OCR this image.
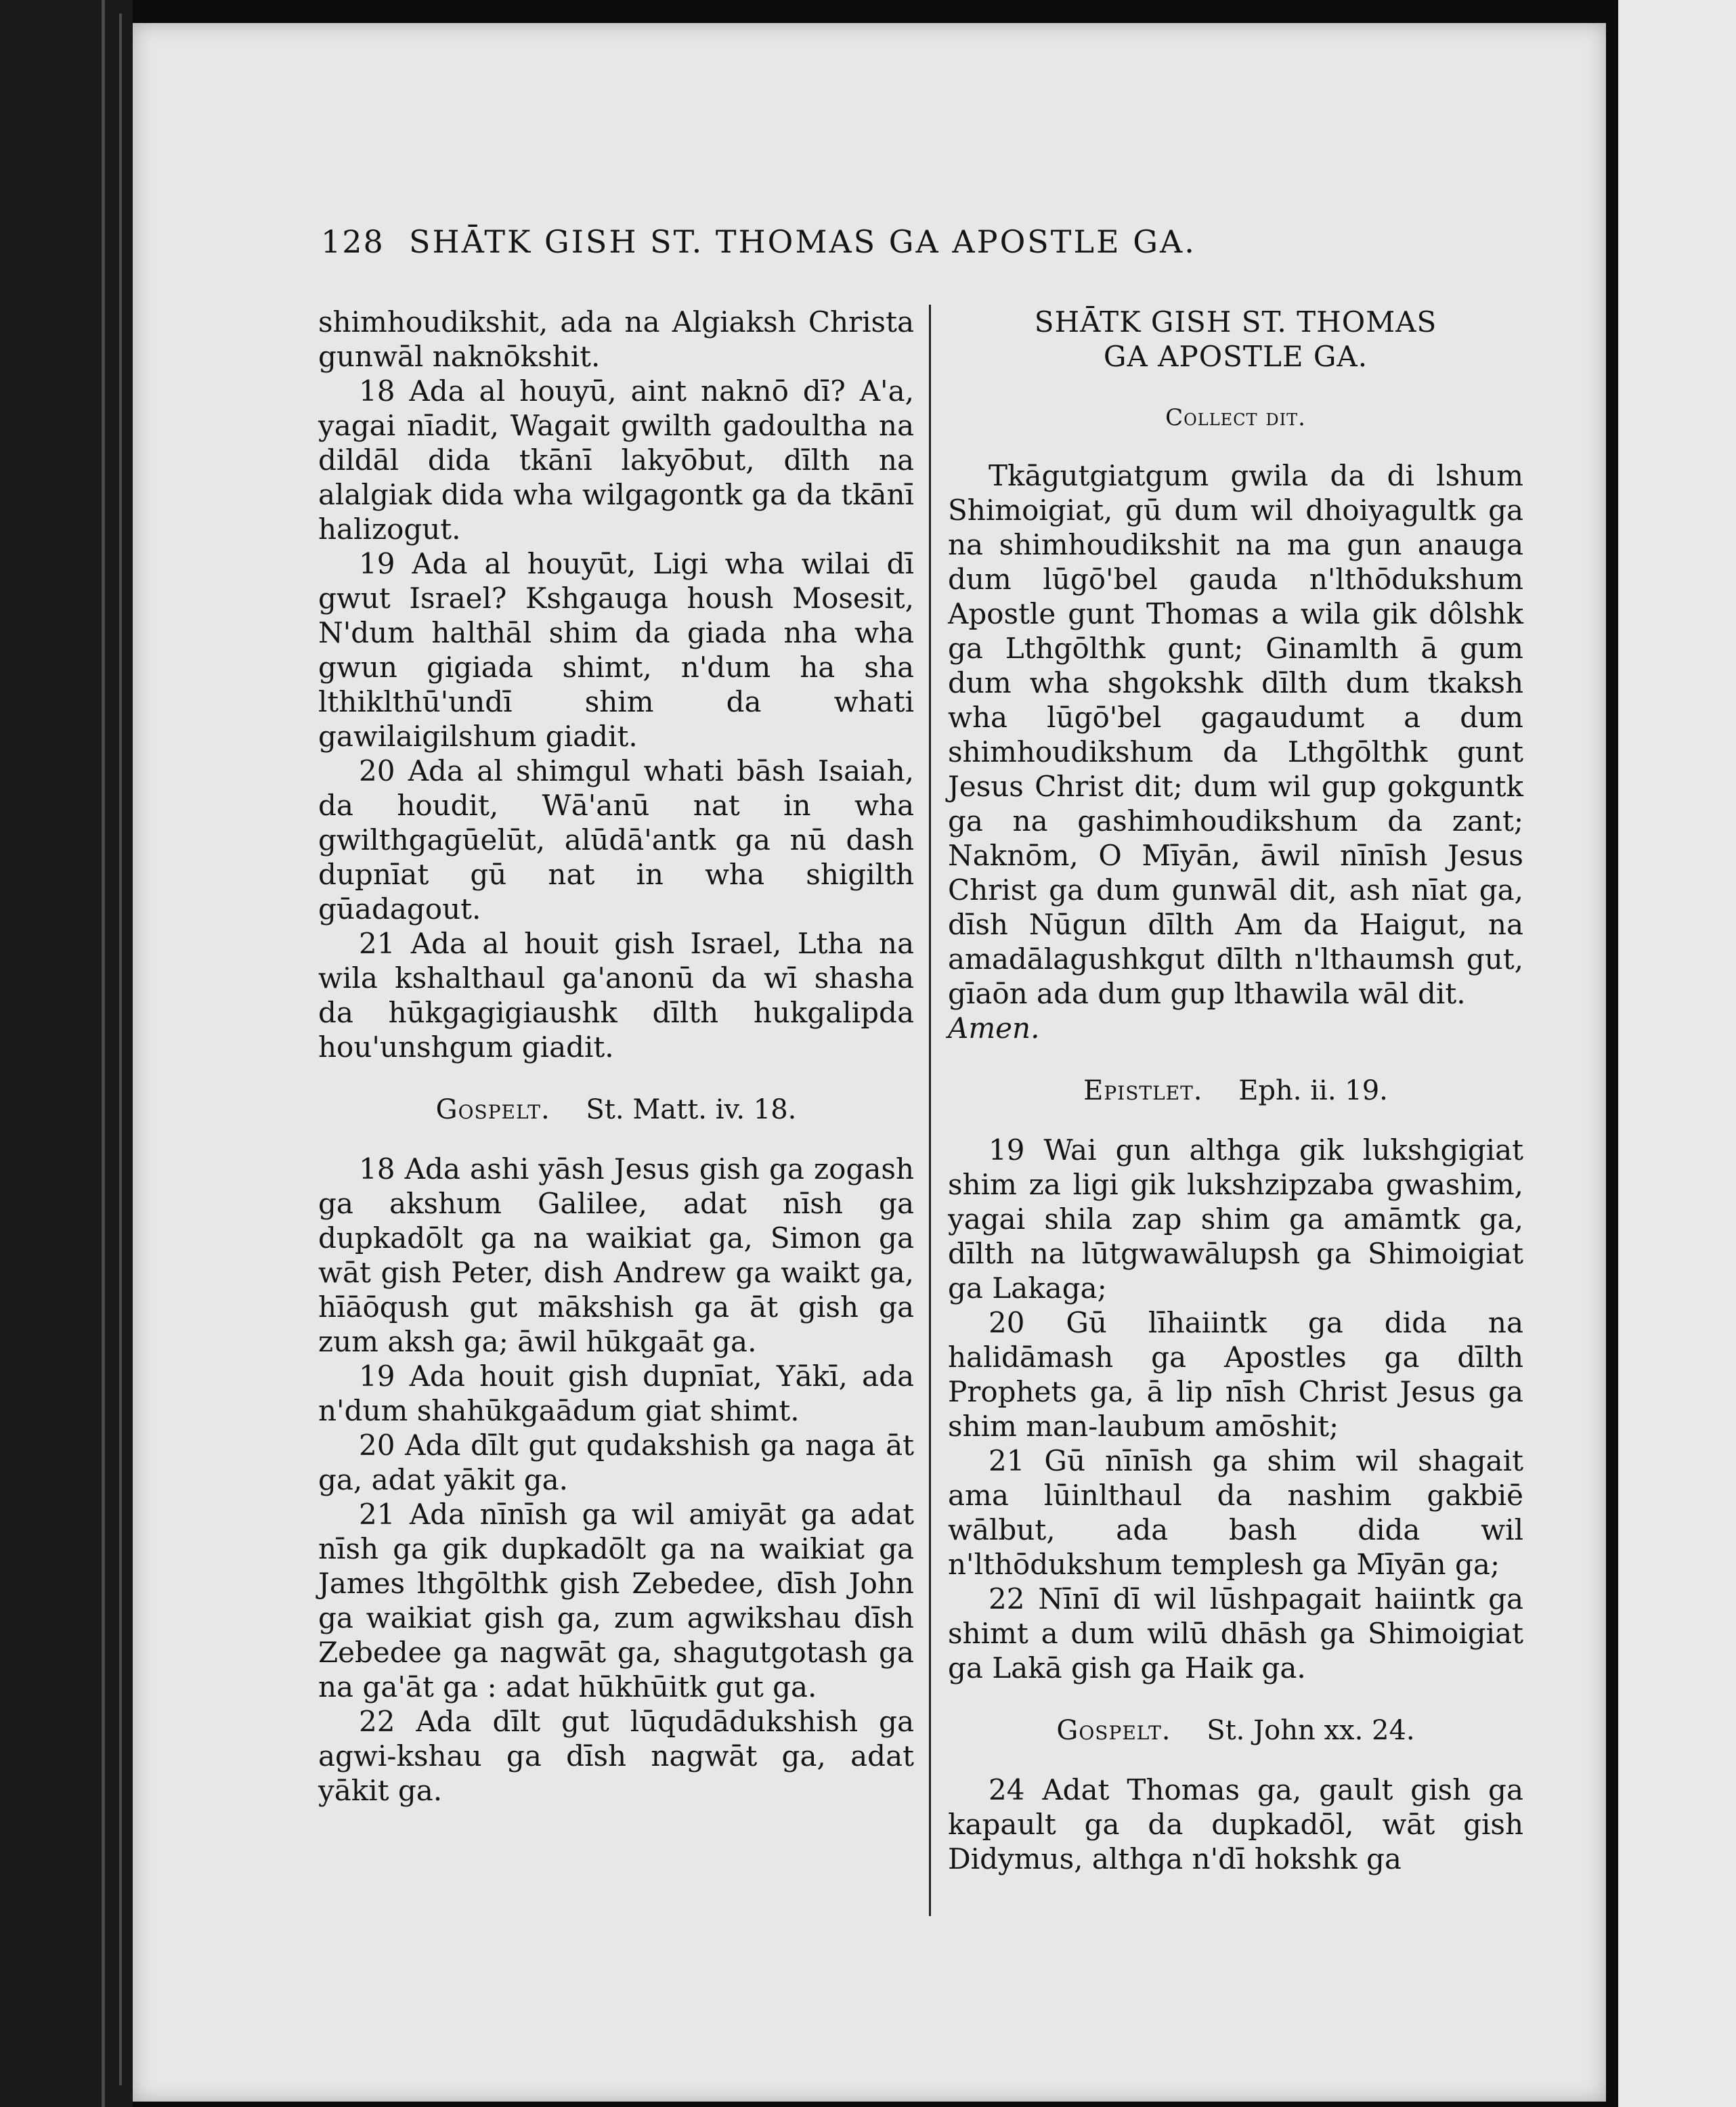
128 SHĀTK GISH ST. THOMAS GA APOSTLE GA.

shimhoudikshit, ada na Algiaksh Christa gunwāl naknōkshit.

18 Ada al houyū, aint naknō dī? A'a, yagai nīadit, Wagait gwilth gadoultha na dildāl dida tkānī lakyōbut, dīlth na alalgiak dida wha wilgagontk ga da tkānī halizogut.

19 Ada al houyūt, Ligi wha wilai dī gwut Israel? Kshgauga housh Mosesit, N'dum halthāl shim da giada nha wha gwun gigiada shimt, n'dum ha sha lthiklthū'undī shim da whati gawilaigilshum giadit.

20 Ada al shimgul whati bāsh Isaiah, da houdit, Wā'anū nat in wha gwilthgagūelūt, alūdā'antk ga nū dash dupnīat gū nat in wha shigilth gūadagout.

21 Ada al houit gish Israel, Ltha na wila kshalthaul ga'anonū da wī shasha da hūkgagigiaushk dīlth hukgalipda hou'unshgum giadit.

Gospelt. St. Matt. iv. 18.

18 Ada ashi yāsh Jesus gish ga zogash ga akshum Galilee, adat nīsh ga dupkadōlt ga na waikiat ga, Simon ga wāt gish Peter, dish Andrew ga waikt ga, hīāōqush gut mākshish ga āt gish ga zum aksh ga; āwil hūkgaāt ga.

19 Ada houit gish dupnīat, Yākī, ada n'dum shahūkgaādum giat shimt.

20 Ada dīlt gut qudakshish ga naga āt ga, adat yākit ga.

21 Ada nīnīsh ga wil amiyāt ga adat nīsh ga gik dupkadōlt ga na waikiat ga James lthgōlthk gish Zebedee, dīsh John ga waikiat gish ga, zum agwikshau dīsh Zebedee ga nagwāt ga, shagutgotash ga na ga'āt ga : adat hūkhūitk gut ga.

22 Ada dīlt gut lūqudādukshish ga agwi-kshau ga dīsh nagwāt ga, adat yākit ga.

SHĀTK GISH ST. THOMAS

GA APOSTLE GA.

Collect dit.

Tkāgutgiatgum gwila da di lshum Shimoigiat, gū dum wil dhoiyagultk ga na shimhoudikshit na ma gun anauga dum lūgō'bel gauda n'lthōdukshum Apostle gunt Thomas a wila gik dôlshk ga Lthgōlthk gunt; Ginamlth ā gum dum wha shgokshk dīlth dum tkaksh wha lūgō'bel gagaudumt a dum shimhoudikshum da Lthgōlthk gunt Jesus Christ dit; dum wil gup gokguntk ga na gashimhoudikshum da zant; Naknōm, O Mīyān, āwil nīnīsh Jesus Christ ga dum gunwāl dit, ash nīat ga, dīsh Nūgun dīlth Am da Haigut, na amadālagushkgut dīlth n'lthaumsh gut, gīaōn ada dum gup lthawila wāl dit.
Amen.

Epistlet. Eph. ii. 19.

19 Wai gun althga gik lukshgigiat shim za ligi gik lukshzipzaba gwashim, yagai shila zap shim ga amāmtk ga, dīlth na lūtgwawālupsh ga Shimoigiat ga Lakaga;

20 Gū līhaiintk ga dida na halidāmash ga Apostles ga dīlth Prophets ga, ā lip nīsh Christ Jesus ga shim man-laubum amōshit;

21 Gū nīnīsh ga shim wil shagait ama lūinlthaul da nashim gakbiē wālbut, ada bash dida wil n'lthōdukshum templesh ga Mīyān ga;

22 Nīnī dī wil lūshpagait haiintk ga shimt a dum wilū dhāsh ga Shimoigiat ga Lakā gish ga Haik ga.

Gospelt. St. John xx. 24.

24 Adat Thomas ga, gault gish ga kapault ga da dupkadōl, wāt gish Didymus, althga n'dī hokshk ga
